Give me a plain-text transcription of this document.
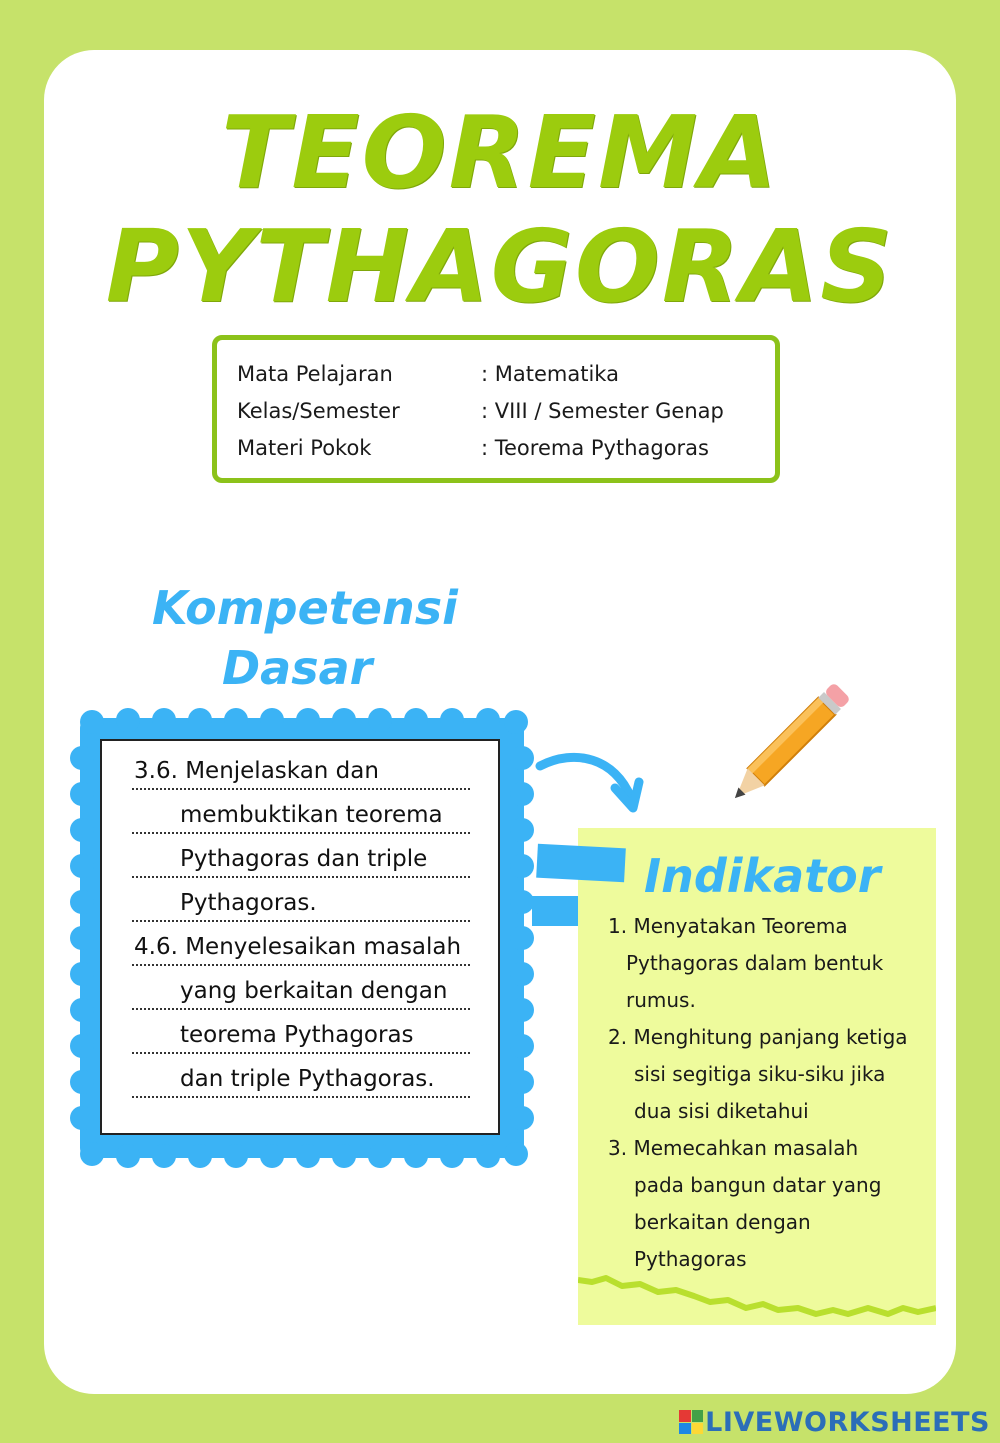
TEOREMA
PYTHAGORAS
Mata Pelajaran	: Matematika
Kelas/Semester	: VIII / Semester Genap
Materi Pokok	: Teorema Pythagoras
Kompetensi
Dasar
3.6. Menjelaskan dan
membuktikan teorema
Pythagoras dan triple
Pythagoras.
4.6. Menyelesaikan masalah
yang berkaitan dengan
teorema Pythagoras
dan triple Pythagoras.
Indikator
1. Menyatakan Teorema
Pythagoras dalam bentuk
rumus.
2. Menghitung panjang ketiga
sisi segitiga siku-siku jika
dua sisi diketahui
3. Memecahkan masalah
pada bangun datar yang
berkaitan dengan
Pythagoras
LIVEWORKSHEETS
